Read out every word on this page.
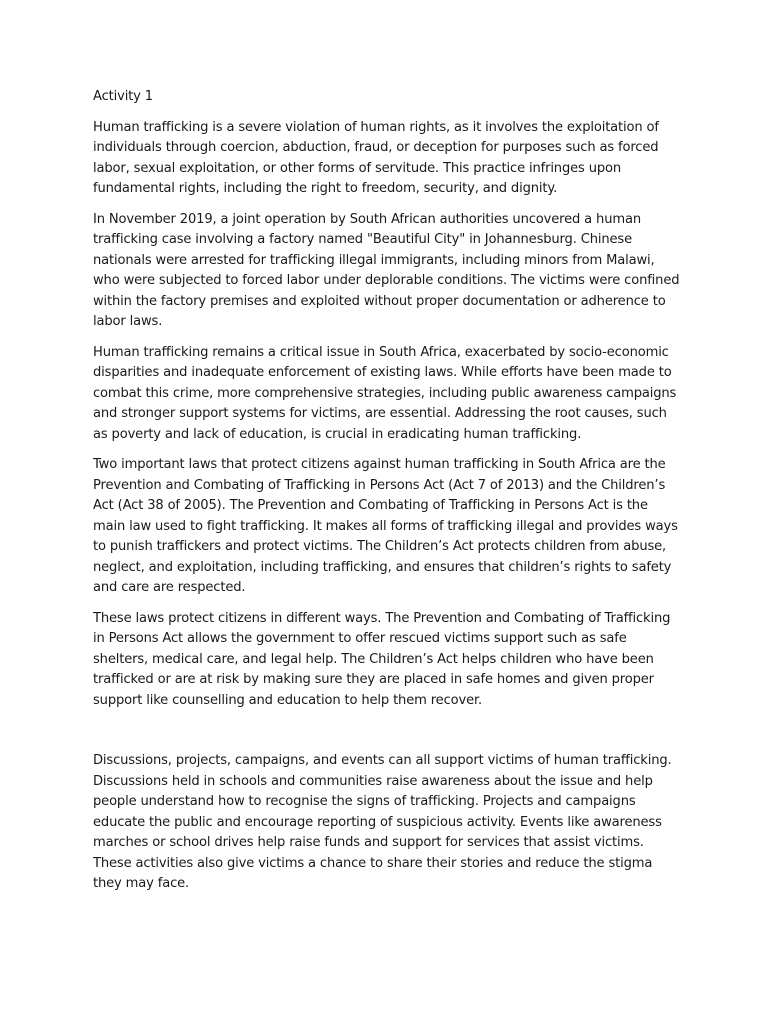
Activity 1

Human trafficking is a severe violation of human rights, as it involves the exploitation of individuals through coercion, abduction, fraud, or deception for purposes such as forced labor, sexual exploitation, or other forms of servitude. This practice infringes upon fundamental rights, including the right to freedom, security, and dignity.

In November 2019, a joint operation by South African authorities uncovered a human trafficking case involving a factory named "Beautiful City" in Johannesburg. Chinese nationals were arrested for trafficking illegal immigrants, including minors from Malawi, who were subjected to forced labor under deplorable conditions. The victims were confined within the factory premises and exploited without proper documentation or adherence to labor laws.

Human trafficking remains a critical issue in South Africa, exacerbated by socio-economic disparities and inadequate enforcement of existing laws. While efforts have been made to combat this crime, more comprehensive strategies, including public awareness campaigns and stronger support systems for victims, are essential. Addressing the root causes, such as poverty and lack of education, is crucial in eradicating human trafficking.

Two important laws that protect citizens against human trafficking in South Africa are the Prevention and Combating of Trafficking in Persons Act (Act 7 of 2013) and the Children’s Act (Act 38 of 2005). The Prevention and Combating of Trafficking in Persons Act is the main law used to fight trafficking. It makes all forms of trafficking illegal and provides ways to punish traffickers and protect victims. The Children’s Act protects children from abuse, neglect, and exploitation, including trafficking, and ensures that children’s rights to safety and care are respected.

These laws protect citizens in different ways. The Prevention and Combating of Trafficking in Persons Act allows the government to offer rescued victims support such as safe shelters, medical care, and legal help. The Children’s Act helps children who have been trafficked or are at risk by making sure they are placed in safe homes and given proper support like counselling and education to help them recover.

Discussions, projects, campaigns, and events can all support victims of human trafficking. Discussions held in schools and communities raise awareness about the issue and help people understand how to recognise the signs of trafficking. Projects and campaigns educate the public and encourage reporting of suspicious activity. Events like awareness marches or school drives help raise funds and support for services that assist victims. These activities also give victims a chance to share their stories and reduce the stigma they may face.
